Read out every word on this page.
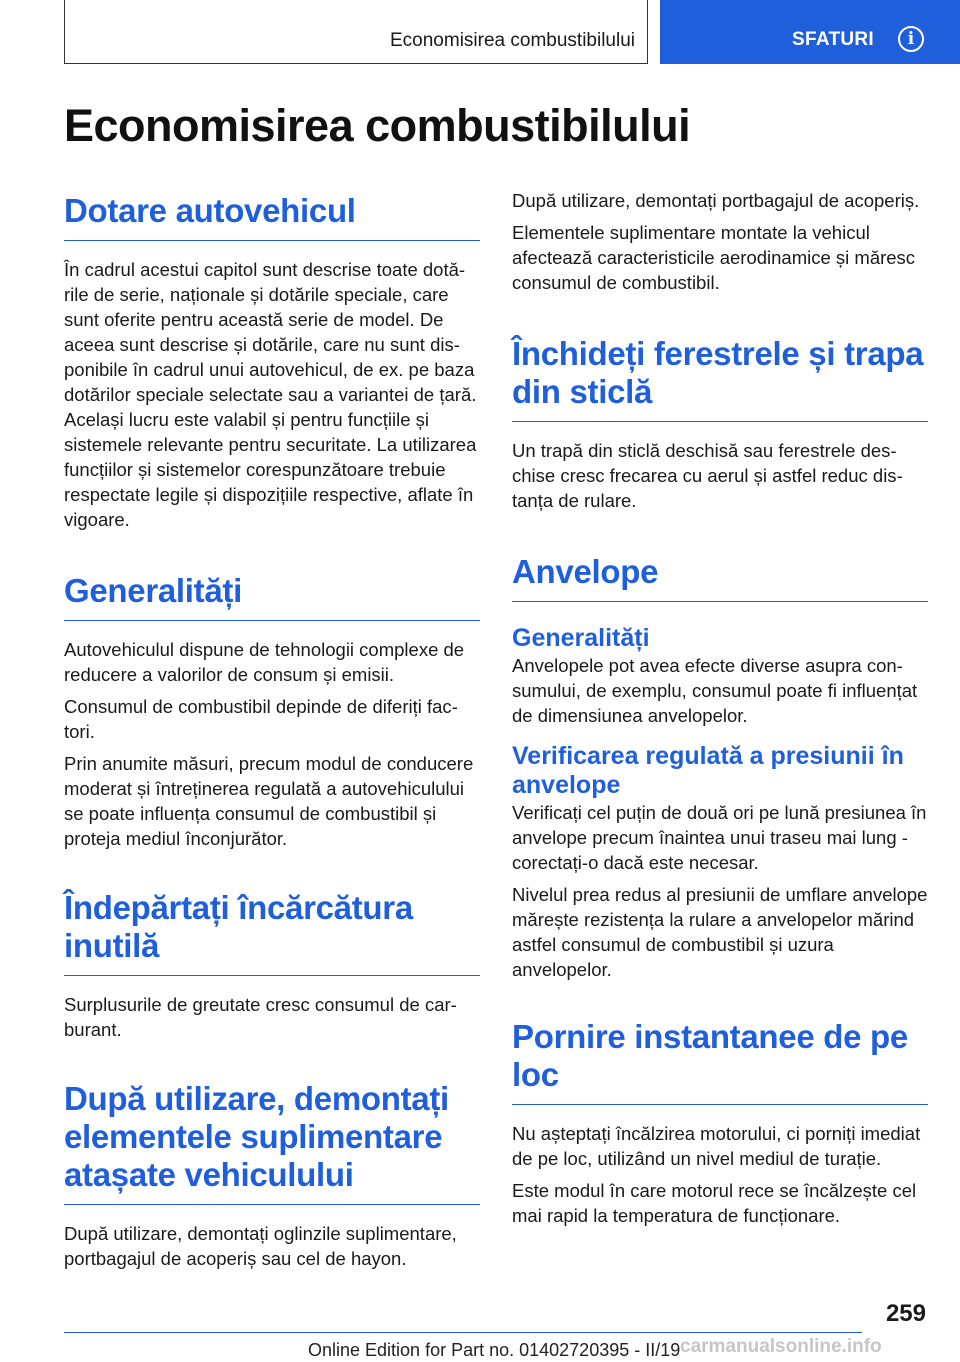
Economisirea combustibilului	SFATURI	i
Economisirea combustibilului
Dotare autovehicul

În cadrul acestui capitol sunt descrise toate dotările de serie, naționale și dotările speciale, care sunt oferite pentru această serie de model. De aceea sunt descrise și dotările, care nu sunt disponibile în cadrul unui autovehicul, de ex. pe baza dotărilor speciale selectate sau a variantei de țară. Același lucru este valabil și pentru funcțiile și sistemele relevante pentru securitate. La utilizarea funcțiilor și sistemelor corespunzătoare trebuie respectate legile și dispozițiile respective, aflate în vigoare.

Generalități

Autovehiculul dispune de tehnologii complexe de reducere a valorilor de consum și emisii.

Consumul de combustibil depinde de diferiți factori.

Prin anumite măsuri, precum modul de conducere moderat și întreținerea regulată a autovehiculului se poate influența consumul de combustibil și proteja mediul înconjurător.

Îndepărtați încărcătura inutilă

Surplusurile de greutate cresc consumul de carburant.

După utilizare, demontați elementele suplimentare atașate vehiculului

După utilizare, demontați oglinzile suplimentare, portbagajul de acoperiș sau cel de hayon.

După utilizare, demontați portbagajul de acoperiș.

Elementele suplimentare montate la vehicul afectează caracteristicile aerodinamice și măresc consumul de combustibil.

Închideți ferestrele și trapa din sticlă

Un trapă din sticlă deschisă sau ferestrele deschise cresc frecarea cu aerul și astfel reduc distanța de rulare.

Anvelope
Generalități

Anvelopele pot avea efecte diverse asupra consumului, de exemplu, consumul poate fi influențat de dimensiunea anvelopelor.

Verificarea regulată a presiunii în anvelope

Verificați cel puțin de două ori pe lună presiunea în anvelope precum înaintea unui traseu mai lung - corectați-o dacă este necesar.

Nivelul prea redus al presiunii de umflare anvelope mărește rezistența la rulare a anvelopelor mărind astfel consumul de combustibil și uzura anvelopelor.

Pornire instantanee de pe loc

Nu așteptați încălzirea motorului, ci porniți imediat de pe loc, utilizând un nivel mediul de turație.

Este modul în care motorul rece se încălzește cel mai rapid la temperatura de funcționare.

259
Online Edition for Part no. 01402720395 - II/19 carmanualsonline.info
